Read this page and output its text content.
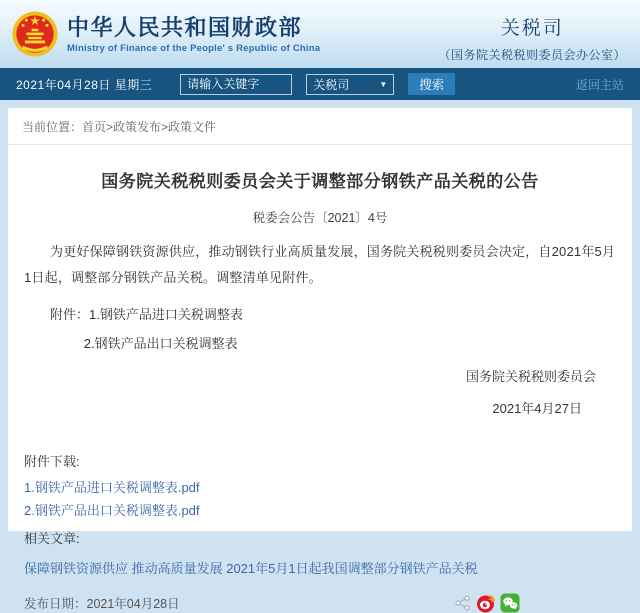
中华人民共和国财政部
Ministry of Finance of the People' s Republic of China
关税司
（国务院关税税则委员会办公室）
2021年04月28日 星期三
请输入关键字	关税司	▼	搜索	返回主站
当前位置：首页>政策发布>政策文件
国务院关税税则委员会关于调整部分钢铁产品关税的公告
税委会公告〔2021〕4号
为更好保障钢铁资源供应，推动钢铁行业高质量发展，国务院关税税则委员会决定，自2021年5月1日起，调整部分钢铁产品关税。调整清单见附件。
附件：1.钢铁产品进口关税调整表
2.钢铁产品出口关税调整表
国务院关税税则委员会
2021年4月27日
附件下载:
1.钢铁产品进口关税调整表.pdf
2.钢铁产品出口关税调整表.pdf
相关文章:
保障钢铁资源供应 推动高质量发展 2021年5月1日起我国调整部分钢铁产品关税
发布日期：2021年04月28日
